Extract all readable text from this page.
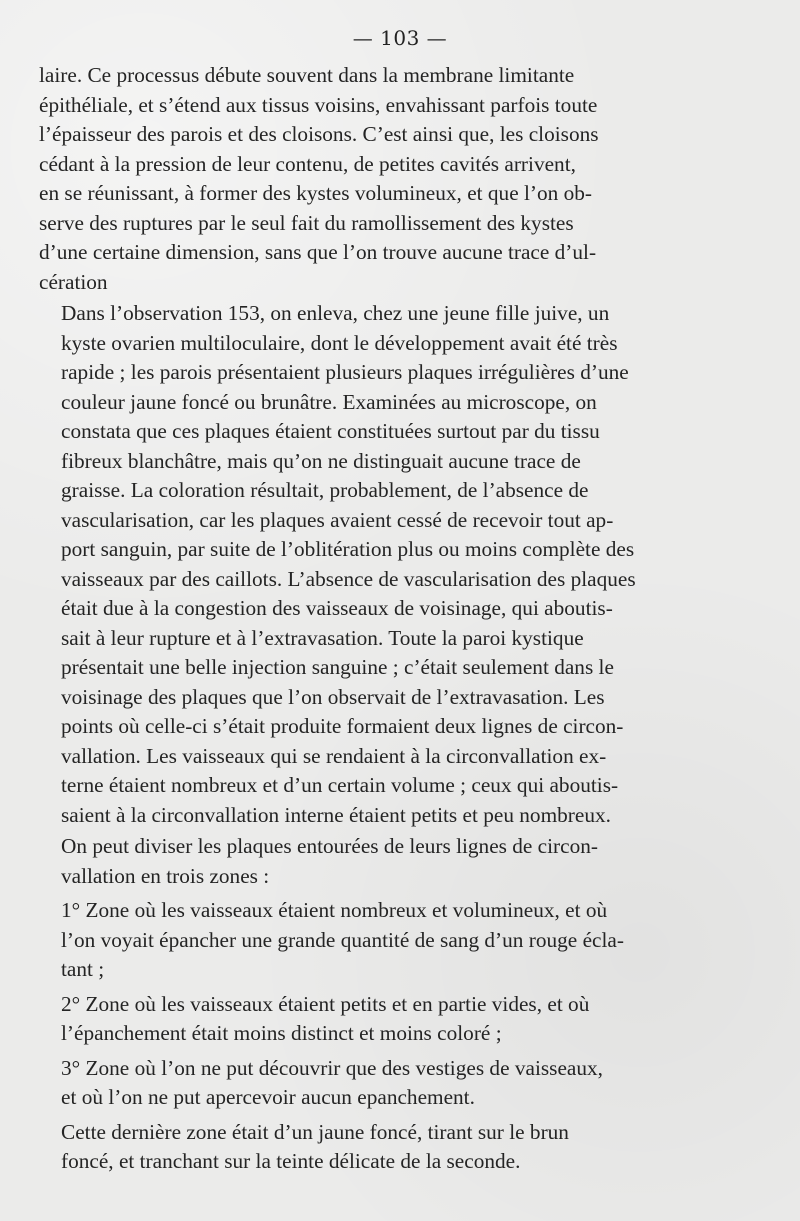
— 103 —

laire. Ce processus débute souvent dans la membrane limitante
épithéliale, et s’étend aux tissus voisins, envahissant parfois toute
l’épaisseur des parois et des cloisons. C’est ainsi que, les cloisons
cédant à la pression de leur contenu, de petites cavités arrivent,
en se réunissant, à former des kystes volumineux, et que l’on ob-
serve des ruptures par le seul fait du ramollissement des kystes
d’une certaine dimension, sans que l’on trouve aucune trace d’ul-
cération

Dans l’observation 153, on enleva, chez une jeune fille juive, un
kyste ovarien multiloculaire, dont le développement avait été très
rapide ; les parois présentaient plusieurs plaques irrégulières d’une
couleur jaune foncé ou brunâtre. Examinées au microscope, on
constata que ces plaques étaient constituées surtout par du tissu
fibreux blanchâtre, mais qu’on ne distinguait aucune trace de
graisse. La coloration résultait, probablement, de l’absence de
vascularisation, car les plaques avaient cessé de recevoir tout ap-
port sanguin, par suite de l’oblitération plus ou moins complète des
vaisseaux par des caillots. L’absence de vascularisation des plaques
était due à la congestion des vaisseaux de voisinage, qui aboutis-
sait à leur rupture et à l’extravasation. Toute la paroi kystique
présentait une belle injection sanguine ; c’était seulement dans le
voisinage des plaques que l’on observait de l’extravasation. Les
points où celle-ci s’était produite formaient deux lignes de circon-
vallation. Les vaisseaux qui se rendaient à la circonvallation ex-
terne étaient nombreux et d’un certain volume ; ceux qui aboutis-
saient à la circonvallation interne étaient petits et peu nombreux.

On peut diviser les plaques entourées de leurs lignes de circon-
vallation en trois zones :

1° Zone où les vaisseaux étaient nombreux et volumineux, et où
l’on voyait épancher une grande quantité de sang d’un rouge écla-
tant ;

2° Zone où les vaisseaux étaient petits et en partie vides, et où
l’épanchement était moins distinct et moins coloré ;

3° Zone où l’on ne put découvrir que des vestiges de vaisseaux,
et où l’on ne put apercevoir aucun epanchement.

Cette dernière zone était d’un jaune foncé, tirant sur le brun
foncé, et tranchant sur la teinte délicate de la seconde.
